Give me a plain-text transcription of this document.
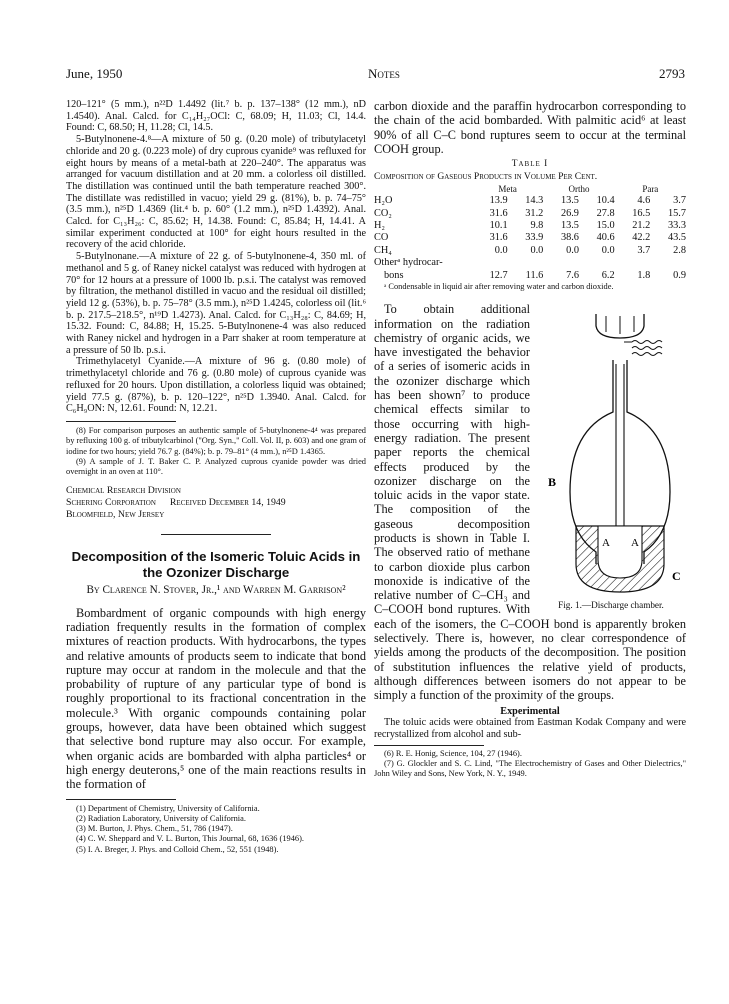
June, 1950	Notes	2793

120–121° (5 mm.), n²²D 1.4492 (lit.⁷ b. p. 137–138° (12 mm.), nD 1.4540). Anal. Calcd. for C₁₄H₂₇OCl: C, 68.09; H, 11.03; Cl, 14.4. Found: C, 68.50; H, 11.28; Cl, 14.5.

5-Butylnonene-4.⁸—A mixture of 50 g. (0.20 mole) of tributylacetyl chloride and 20 g. (0.223 mole) of dry cuprous cyanide⁹ was refluxed for eight hours by means of a metal-bath at 220–240°. The apparatus was arranged for vacuum distillation and at 20 mm. a colorless oil distilled. The distillation was continued until the bath temperature reached 300°. The distillate was redistilled in vacuo; yield 29 g. (81%), b. p. 74–75° (3.5 mm.), n²⁵D 1.4369 (lit.⁴ b. p. 60° (1.2 mm.), n²⁵D 1.4392). Anal. Calcd. for C₁₃H₂₆: C, 85.62; H, 14.38. Found: C, 85.84; H, 14.41. A similar experiment conducted at 100° for eight hours resulted in the recovery of the acid chloride.

5-Butylnonane.—A mixture of 22 g. of 5-butylnonene-4, 350 ml. of methanol and 5 g. of Raney nickel catalyst was reduced with hydrogen at 70° for 12 hours at a pressure of 1000 lb. p.s.i. The catalyst was removed by filtration, the methanol distilled in vacuo and the residual oil distilled; yield 12 g. (53%), b. p. 75–78° (3.5 mm.), n²⁵D 1.4245, colorless oil (lit.⁶ b. p. 217.5–218.5°, n¹⁹D 1.4273). Anal. Calcd. for C₁₃H₂₈: C, 84.69; H, 15.32. Found: C, 84.88; H, 15.25. 5-Butylnonene-4 was also reduced with Raney nickel and hydrogen in a Parr shaker at room temperature at a pressure of 50 lb. p.s.i.

Trimethylacetyl Cyanide.—A mixture of 96 g. (0.80 mole) of trimethylacetyl chloride and 76 g. (0.80 mole) of cuprous cyanide was refluxed for 20 hours. Upon distillation, a colorless liquid was obtained; yield 77.5 g. (87%), b. p. 120–122°, n²⁵D 1.3940. Anal. Calcd. for C₆H₉ON: N, 12.61. Found: N, 12.21.

(8) For comparison purposes an authentic sample of 5-butylnonene-4⁴ was prepared by refluxing 100 g. of tributylcarbinol ("Org. Syn.," Coll. Vol. II, p. 603) and one gram of iodine for two hours; yield 76.7 g. (84%); b. p. 79–81° (4 mm.), n²⁵D 1.4365.

(9) A sample of J. T. Baker C. P. Analyzed cuprous cyanide powder was dried overnight in an oven at 110°.

Chemical Research Division

Schering Corporation Received December 14, 1949

Bloomfield, New Jersey

Decomposition of the Isomeric Toluic Acids in the Ozonizer Discharge
By Clarence N. Stover, Jr.,¹ and Warren M. Garrison²

Bombardment of organic compounds with high energy radiation frequently results in the formation of complex mixtures of reaction products. With hydrocarbons, the types and relative amounts of products seem to indicate that bond rupture may occur at random in the molecule and that the probability of rupture of any particular type of bond is roughly proportional to its fractional concentration in the molecule.³ With organic compounds containing polar groups, however, data have been obtained which suggest that selective bond rupture may also occur. For example, when organic acids are bombarded with alpha particles⁴ or high energy deuterons,⁵ one of the main reactions results in the formation of

(1) Department of Chemistry, University of California.

(2) Radiation Laboratory, University of California.

(3) M. Burton, J. Phys. Chem., 51, 786 (1947).

(4) C. W. Sheppard and V. L. Burton, This Journal, 68, 1636 (1946).

(5) I. A. Breger, J. Phys. and Colloid Chem., 52, 551 (1948).

carbon dioxide and the paraffin hydrocarbon corresponding to the chain of the acid bombarded. With palmitic acid⁶ at least 90% of all C–C bond ruptures seem to occur at the terminal COOH group.

Table I

Composition of Gaseous Products in Volume Per Cent.

	Meta		Ortho		Para	
H₂O	13.9	14.3	13.5	10.4	4.6	3.7
CO₂	31.6	31.2	26.9	27.8	16.5	15.7
H₂	10.1	9.8	13.5	15.0	21.2	33.3
CO	31.6	33.9	38.6	40.6	42.2	43.5
CH₄	0.0	0.0	0.0	0.0	3.7	2.8
Otherᵃ hydrocar-						
bons	12.7	11.6	7.6	6.2	1.8	0.9

ᵃ Condensable in liquid air after removing water and carbon dioxide.

A A
B
C
Fig. 1.—Discharge chamber.

To obtain additional information on the radiation chemistry of organic acids, we have investigated the behavior of a series of isomeric acids in the ozonizer discharge which has been shown⁷ to produce chemical effects similar to those occurring with high-energy radiation. The present paper reports the chemical effects produced by the ozonizer discharge on the toluic acids in the vapor state. The composition of the gaseous decomposition products is shown in Table I. The observed ratio of methane to carbon dioxide plus carbon monoxide is indicative of the relative number of C–CH₃ and C–COOH bond ruptures. With each of the isomers, the C–COOH bond is apparently broken selectively. There is, however, no clear correspondence of yields among the products of the decomposition. The position of substitution influences the relative yield of products, although differences between isomers do not appear to be simply a function of the proximity of the groups.

Experimental

The toluic acids were obtained from Eastman Kodak Company and were recrystallized from alcohol and sub-

(6) R. E. Honig, Science, 104, 27 (1946).

(7) G. Glockler and S. C. Lind, "The Electrochemistry of Gases and Other Dielectrics," John Wiley and Sons, New York, N. Y., 1949.
